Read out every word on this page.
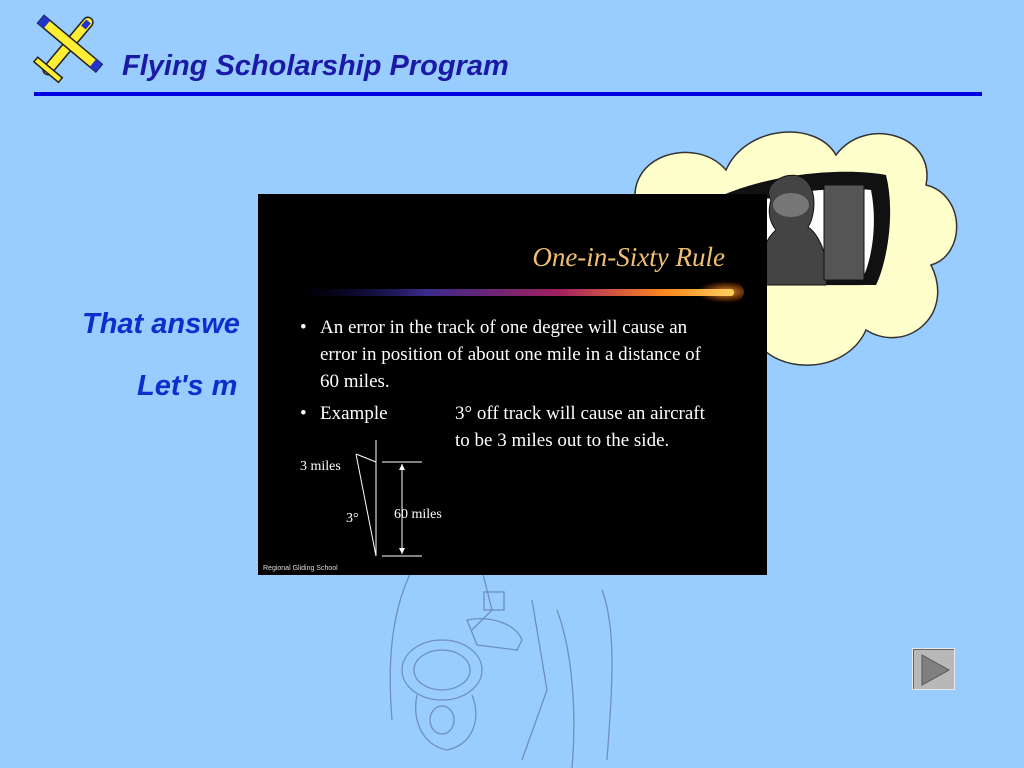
Flying Scholarship Program
That answe
Let's m
One-in-Sixty Rule
• An error in the track of one degree will cause an error in position of about one mile in a distance of 60 miles.
• Example	3° off track will cause an aircraft to be 3 miles out to the side.
3 miles
3°	60 miles
Regional Gliding School
